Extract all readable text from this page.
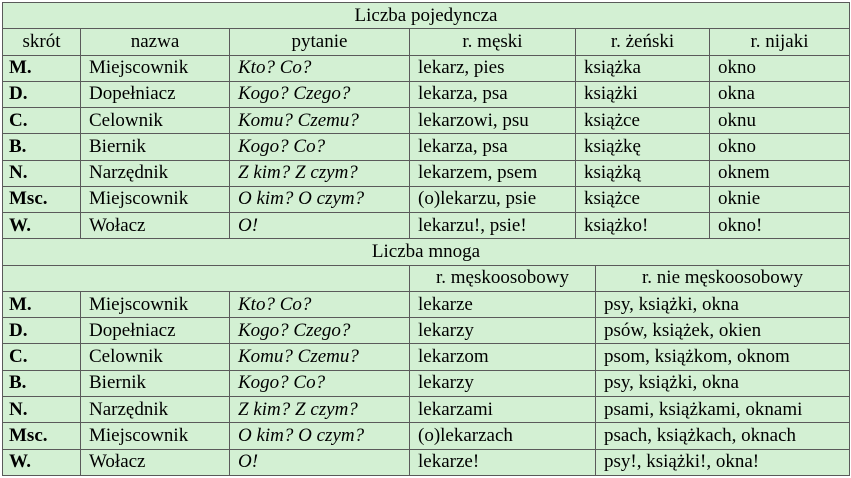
Liczba pojedyncza						
skrót	nazwa	pytanie	r. męski	r. żeński		r. nijaki
M.	Miejscownik	Kto? Co?	lekarz, pies	książka		okno
D.	Dopełniacz	Kogo? Czego?	lekarza, psa	książki		okna
C.	Celownik	Komu? Czemu?	lekarzowi, psu	książce		oknu
B.	Biernik	Kogo? Co?	lekarza, psa	książkę		okno
N.	Narzędnik	Z kim? Z czym?	lekarzem, psem	książką		oknem
Msc.	Miejscownik	O kim? O czym?	(o)lekarzu, psie	książce		oknie
W.	Wołacz	O!	lekarzu!, psie!	książko!		okno!
Liczba mnoga						
			r. męskoosobowy		r. nie męskoosobowy	
M.	Miejscownik	Kto? Co?	lekarze		psy, książki, okna	
D.	Dopełniacz	Kogo? Czego?	lekarzy		psów, książek, okien	
C.	Celownik	Komu? Czemu?	lekarzom		psom, książkom, oknom	
B.	Biernik	Kogo? Co?	lekarzy		psy, książki, okna	
N.	Narzędnik	Z kim? Z czym?	lekarzami		psami, książkami, oknami	
Msc.	Miejscownik	O kim? O czym?	(o)lekarzach		psach, książkach, oknach	
W.	Wołacz	O!	lekarze!		psy!, książki!, okna!	
